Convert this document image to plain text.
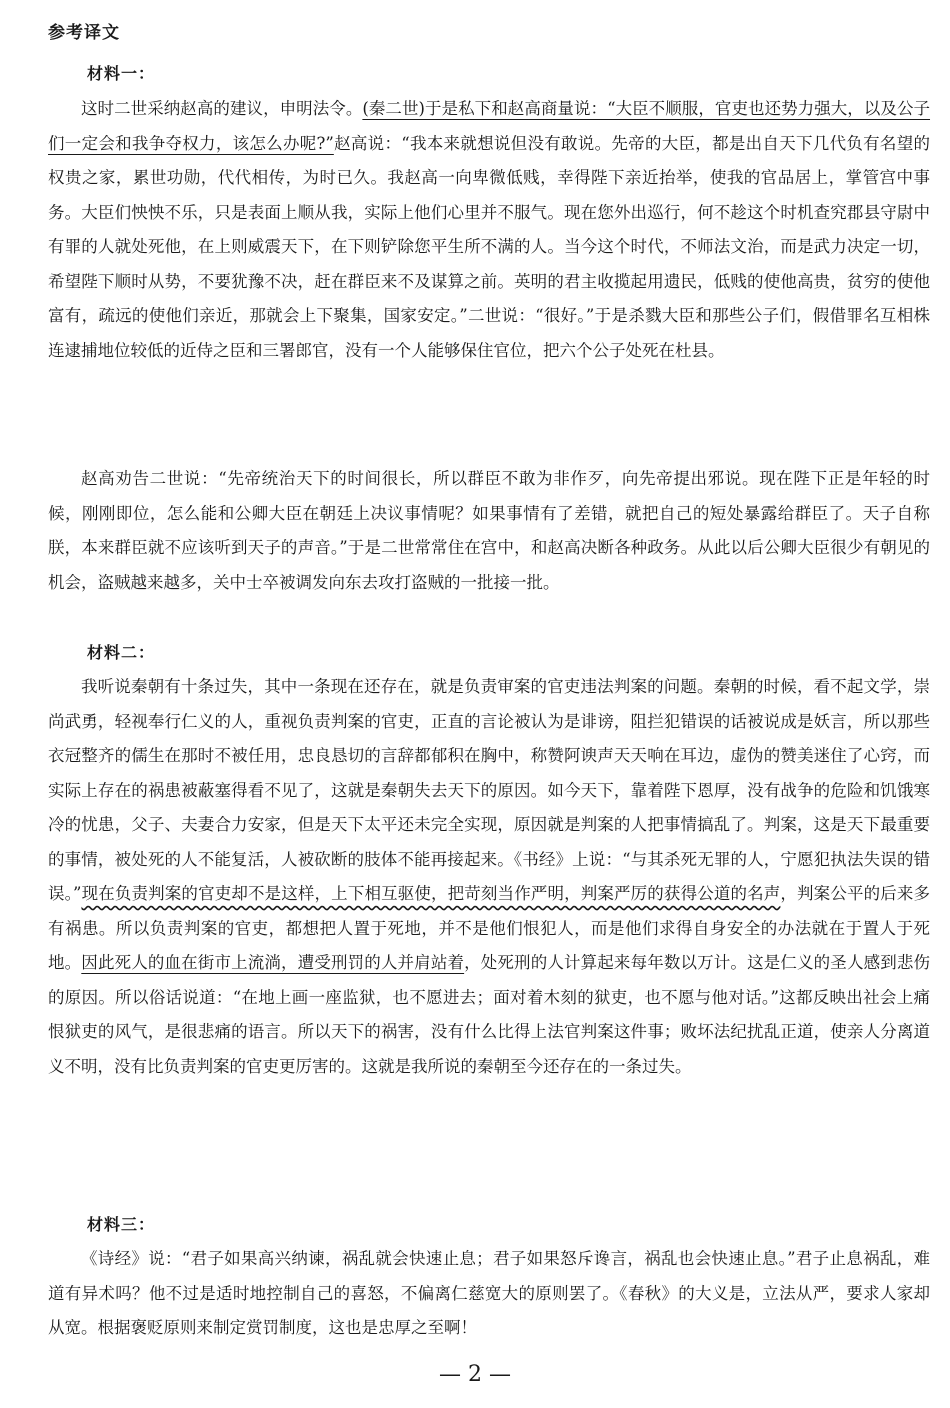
参考译文
材料一：

这时二世采纳赵高的建议，申明法令。(秦二世)于是私下和赵高商量说：“大臣不顺服，官吏也还势力强大，以及公子们一定会和我争夺权力，该怎么办呢?”赵高说：“我本来就想说但没有敢说。先帝的大臣，都是出自天下几代负有名望的权贵之家，累世功勋，代代相传，为时已久。我赵高一向卑微低贱，幸得陛下亲近抬举，使我的官品居上，掌管宫中事务。大臣们怏怏不乐，只是表面上顺从我，实际上他们心里并不服气。现在您外出巡行，何不趁这个时机查究郡县守尉中有罪的人就处死他，在上则威震天下，在下则铲除您平生所不满的人。当今这个时代，不师法文治，而是武力决定一切，希望陛下顺时从势，不要犹豫不决，赶在群臣来不及谋算之前。英明的君主收揽起用遗民，低贱的使他高贵，贫穷的使他富有，疏远的使他们亲近，那就会上下聚集，国家安定。”二世说：“很好。”于是杀戮大臣和那些公子们，假借罪名互相株连逮捕地位较低的近侍之臣和三署郎官，没有一个人能够保住官位，把六个公子处死在杜县。

赵高劝告二世说：“先帝统治天下的时间很长，所以群臣不敢为非作歹，向先帝提出邪说。现在陛下正是年轻的时候，刚刚即位，怎么能和公卿大臣在朝廷上决议事情呢？如果事情有了差错，就把自己的短处暴露给群臣了。天子自称朕，本来群臣就不应该听到天子的声音。”于是二世常常住在宫中，和赵高决断各种政务。从此以后公卿大臣很少有朝见的机会，盗贼越来越多，关中士卒被调发向东去攻打盗贼的一批接一批。

材料二：

我听说秦朝有十条过失，其中一条现在还存在，就是负责审案的官吏违法判案的问题。秦朝的时候，看不起文学，崇尚武勇，轻视奉行仁义的人，重视负责判案的官吏，正直的言论被认为是诽谤，阻拦犯错误的话被说成是妖言，所以那些衣冠整齐的儒生在那时不被任用，忠良恳切的言辞都郁积在胸中，称赞阿谀声天天响在耳边，虚伪的赞美迷住了心窍，而实际上存在的祸患被蔽塞得看不见了，这就是秦朝失去天下的原因。如今天下，靠着陛下恩厚，没有战争的危险和饥饿寒冷的忧患，父子、夫妻合力安家，但是天下太平还未完全实现，原因就是判案的人把事情搞乱了。判案，这是天下最重要的事情，被处死的人不能复活，人被砍断的肢体不能再接起来。《书经》上说：“与其杀死无罪的人，宁愿犯执法失误的错误。”现在负责判案的官吏却不是这样，上下相互驱使，把苛刻当作严明，判案严厉的获得公道的名声，判案公平的后来多有祸患。所以负责判案的官吏，都想把人置于死地，并不是他们恨犯人，而是他们求得自身安全的办法就在于置人于死地。因此死人的血在街市上流淌，遭受刑罚的人并肩站着，处死刑的人计算起来每年数以万计。这是仁义的圣人感到悲伤的原因。所以俗话说道：“在地上画一座监狱，也不愿进去；面对着木刻的狱吏，也不愿与他对话。”这都反映出社会上痛恨狱吏的风气，是很悲痛的语言。所以天下的祸害，没有什么比得上法官判案这件事；败坏法纪扰乱正道，使亲人分离道义不明，没有比负责判案的官吏更厉害的。这就是我所说的秦朝至今还存在的一条过失。

材料三：

《诗经》说：“君子如果高兴纳谏，祸乱就会快速止息；君子如果怒斥谗言，祸乱也会快速止息。”君子止息祸乱，难道有异术吗？他不过是适时地控制自己的喜怒，不偏离仁慈宽大的原则罢了。《春秋》的大义是，立法从严，要求人家却从宽。根据褒贬原则来制定赏罚制度，这也是忠厚之至啊！

— 2 —
